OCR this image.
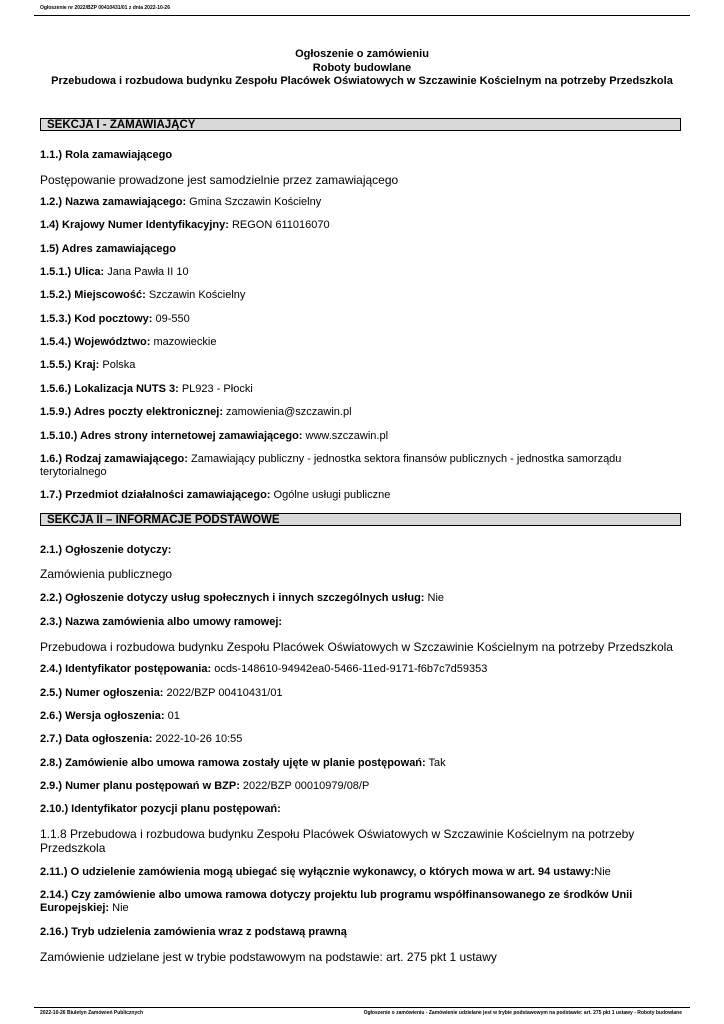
Ogłoszenie nr 2022/BZP 00410431/01 z dnia 2022-10-26
Ogłoszenie o zamówieniu
Roboty budowlane
Przebudowa i rozbudowa budynku Zespołu Placówek Oświatowych w Szczawinie Kościelnym na potrzeby Przedszkola
SEKCJA I - ZAMAWIAJĄCY
1.1.) Rola zamawiającego
Postępowanie prowadzone jest samodzielnie przez zamawiającego
1.2.) Nazwa zamawiającego: Gmina Szczawin Kościelny
1.4) Krajowy Numer Identyfikacyjny: REGON 611016070
1.5) Adres zamawiającego
1.5.1.) Ulica: Jana Pawła II 10
1.5.2.) Miejscowość: Szczawin Kościelny
1.5.3.) Kod pocztowy: 09-550
1.5.4.) Województwo: mazowieckie
1.5.5.) Kraj: Polska
1.5.6.) Lokalizacja NUTS 3: PL923 - Płocki
1.5.9.) Adres poczty elektronicznej: zamowienia@szczawin.pl
1.5.10.) Adres strony internetowej zamawiającego: www.szczawin.pl
1.6.) Rodzaj zamawiającego: Zamawiający publiczny - jednostka sektora finansów publicznych - jednostka samorządu terytorialnego
1.7.) Przedmiot działalności zamawiającego: Ogólne usługi publiczne
SEKCJA II – INFORMACJE PODSTAWOWE
2.1.) Ogłoszenie dotyczy:
Zamówienia publicznego
2.2.) Ogłoszenie dotyczy usług społecznych i innych szczególnych usług: Nie
2.3.) Nazwa zamówienia albo umowy ramowej:
Przebudowa i rozbudowa budynku Zespołu Placówek Oświatowych w Szczawinie Kościelnym na potrzeby Przedszkola
2.4.) Identyfikator postępowania: ocds-148610-94942ea0-5466-11ed-9171-f6b7c7d59353
2.5.) Numer ogłoszenia: 2022/BZP 00410431/01
2.6.) Wersja ogłoszenia: 01
2.7.) Data ogłoszenia: 2022-10-26 10:55
2.8.) Zamówienie albo umowa ramowa zostały ujęte w planie postępowań: Tak
2.9.) Numer planu postępowań w BZP: 2022/BZP 00010979/08/P
2.10.) Identyfikator pozycji planu postępowań:
1.1.8 Przebudowa i rozbudowa budynku Zespołu Placówek Oświatowych w Szczawinie Kościelnym na potrzeby Przedszkola
2.11.) O udzielenie zamówienia mogą ubiegać się wyłącznie wykonawcy, o których mowa w art. 94 ustawy:Nie
2.14.) Czy zamówienie albo umowa ramowa dotyczy projektu lub programu współfinansowanego ze środków Unii Europejskiej: Nie
2.16.) Tryb udzielenia zamówienia wraz z podstawą prawną
Zamówienie udzielane jest w trybie podstawowym na podstawie: art. 275 pkt 1 ustawy
2022-10-26 Biuletyn Zamówień Publicznych	Ogłoszenie o zamówieniu - Zamówienie udzielane jest w trybie podstawowym na podstawie: art. 275 pkt 1 ustawy - Roboty budowlane
